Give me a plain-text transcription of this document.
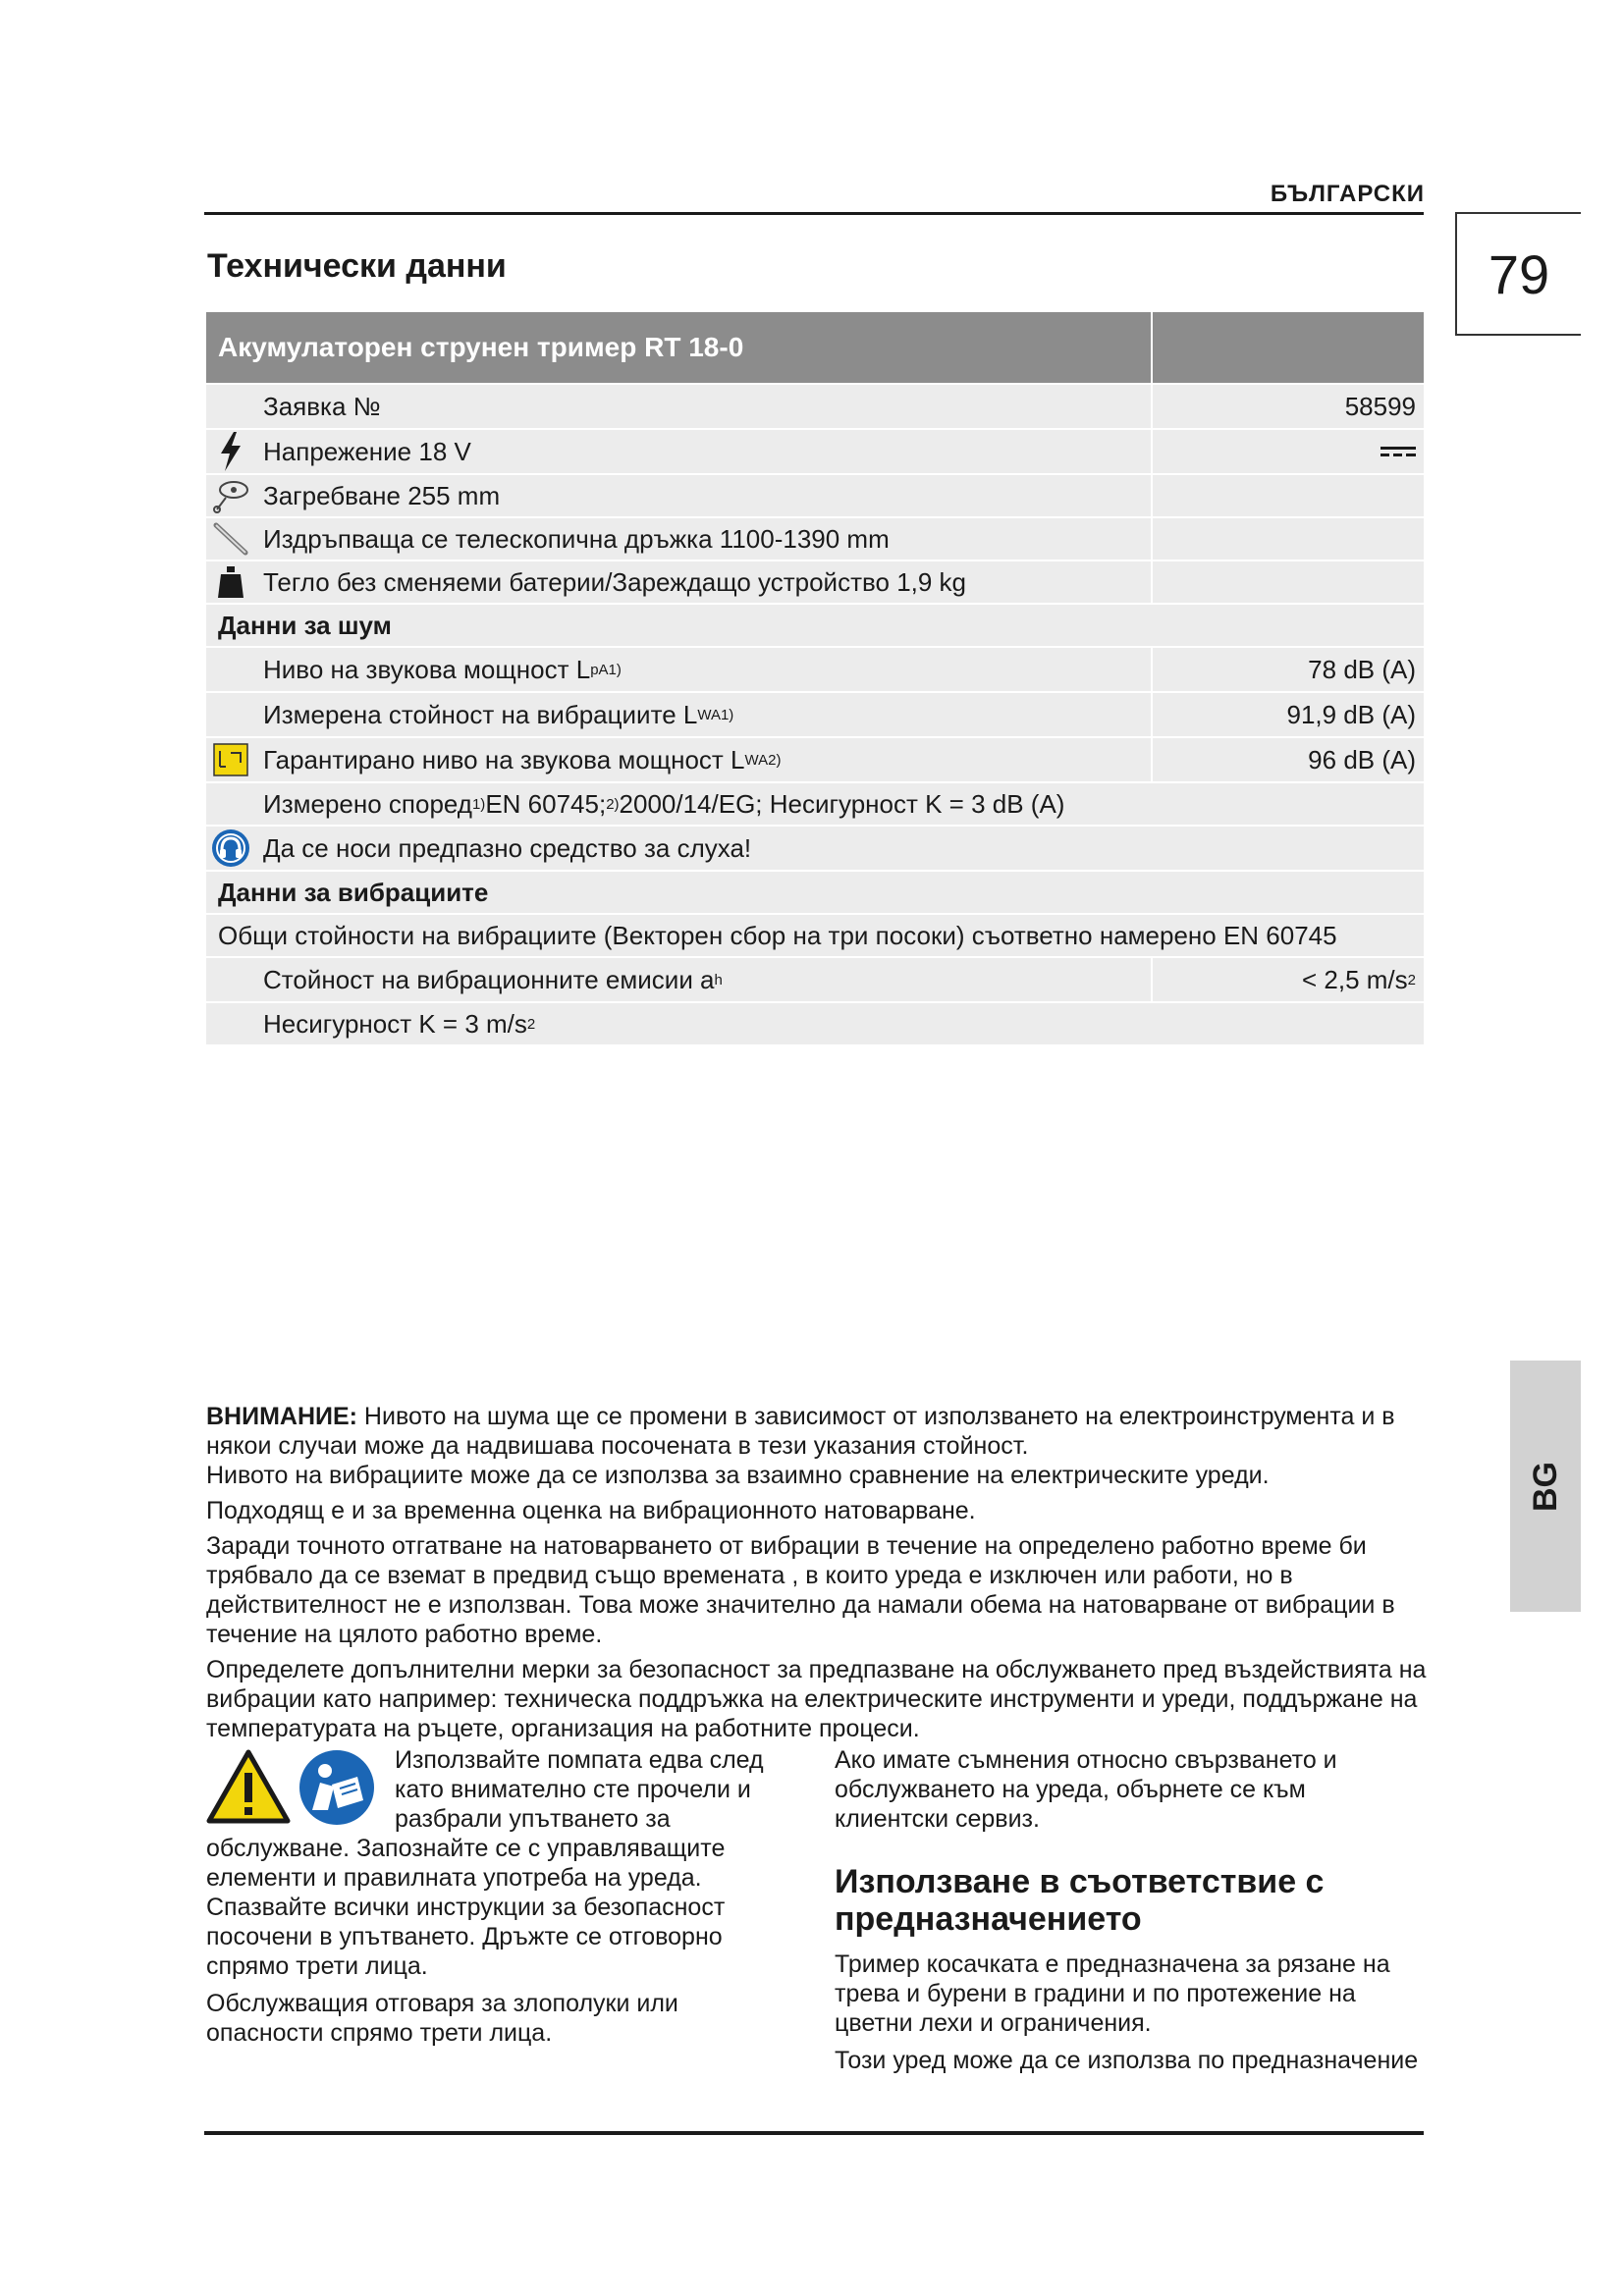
БЪЛГАРСКИ
79
Технически данни
Акумулаторен струнен тример RT 18-0
Заявка №	58599
Напрежение 18 V
Загребване 255 mm
Издръпваща се телескопична дръжка 1100-1390 mm
Тегло без сменяеми батерии/Зареждащо устройство 1,9 kg
Данни за шум
Ниво на звукова мощност L pA 1)	78 dB (A)
Измерена стойност на вибрациите L WA 1)	91,9 dB (A)
Гарантирано ниво на звукова мощност L WA 2)	96 dB (A)
Измерено според 1) EN 60745; 2) 2000/14/EG; Несигурност K = 3 dB (A)
Да се носи предпазно средство за слуха!
Данни за вибрациите
Общи стойности на вибрациите (Векторен сбор на три посоки) съответно намерено EN 60745
Стойност на вибрационните емисии a h	< 2,5 m/s 2
Несигурност K = 3 m/s 2
BG

ВНИМАНИЕ: Нивото на шума ще се промени в зависимост от използването на електроинструмента и в някои случаи може да надвишава посочената в тези указания стойност.

Нивото на вибрациите може да се използва за взаимно сравнение на електрическите уреди.

Подходящ е и за временна оценка на вибрационното натоварване.

Заради точното отгатване на натоварването от вибрации в течение на определено работно време би трябвало да се вземат в предвид също времената , в които уреда е изключен или работи, но в действителност не е използван. Това може значително да намали обема на натоварване от вибрации в течение на цялото работно време.

Определете допълнителни мерки за безопасност за предпазване на обслужването пред въздействията на вибрации като например: техническа поддръжка на електрическите инструменти и уреди, поддържане на температурата на ръцете, организация на работните процеси.

Използвайте помпата едва след като внимателно сте прочели и разбрали упътването за обслужване. Запознайте се с управляващите елементи и правилната употреба на уреда. Спазвайте всички инструкции за безопасност посочени в упътването. Дръжте се отговорно спрямо трети лица.

Обслужващия отговаря за злополуки или опасности спрямо трети лица.

Ако имате съмнения относно свързването и обслужването на уреда, обърнете се към клиентски сервиз.

Използване в съответствие с предназначението

Тример косачката е предназначена за рязане на трева и бурени в градини и по протежение на цветни лехи и ограничения.

Този уред може да се използва по предназначение
